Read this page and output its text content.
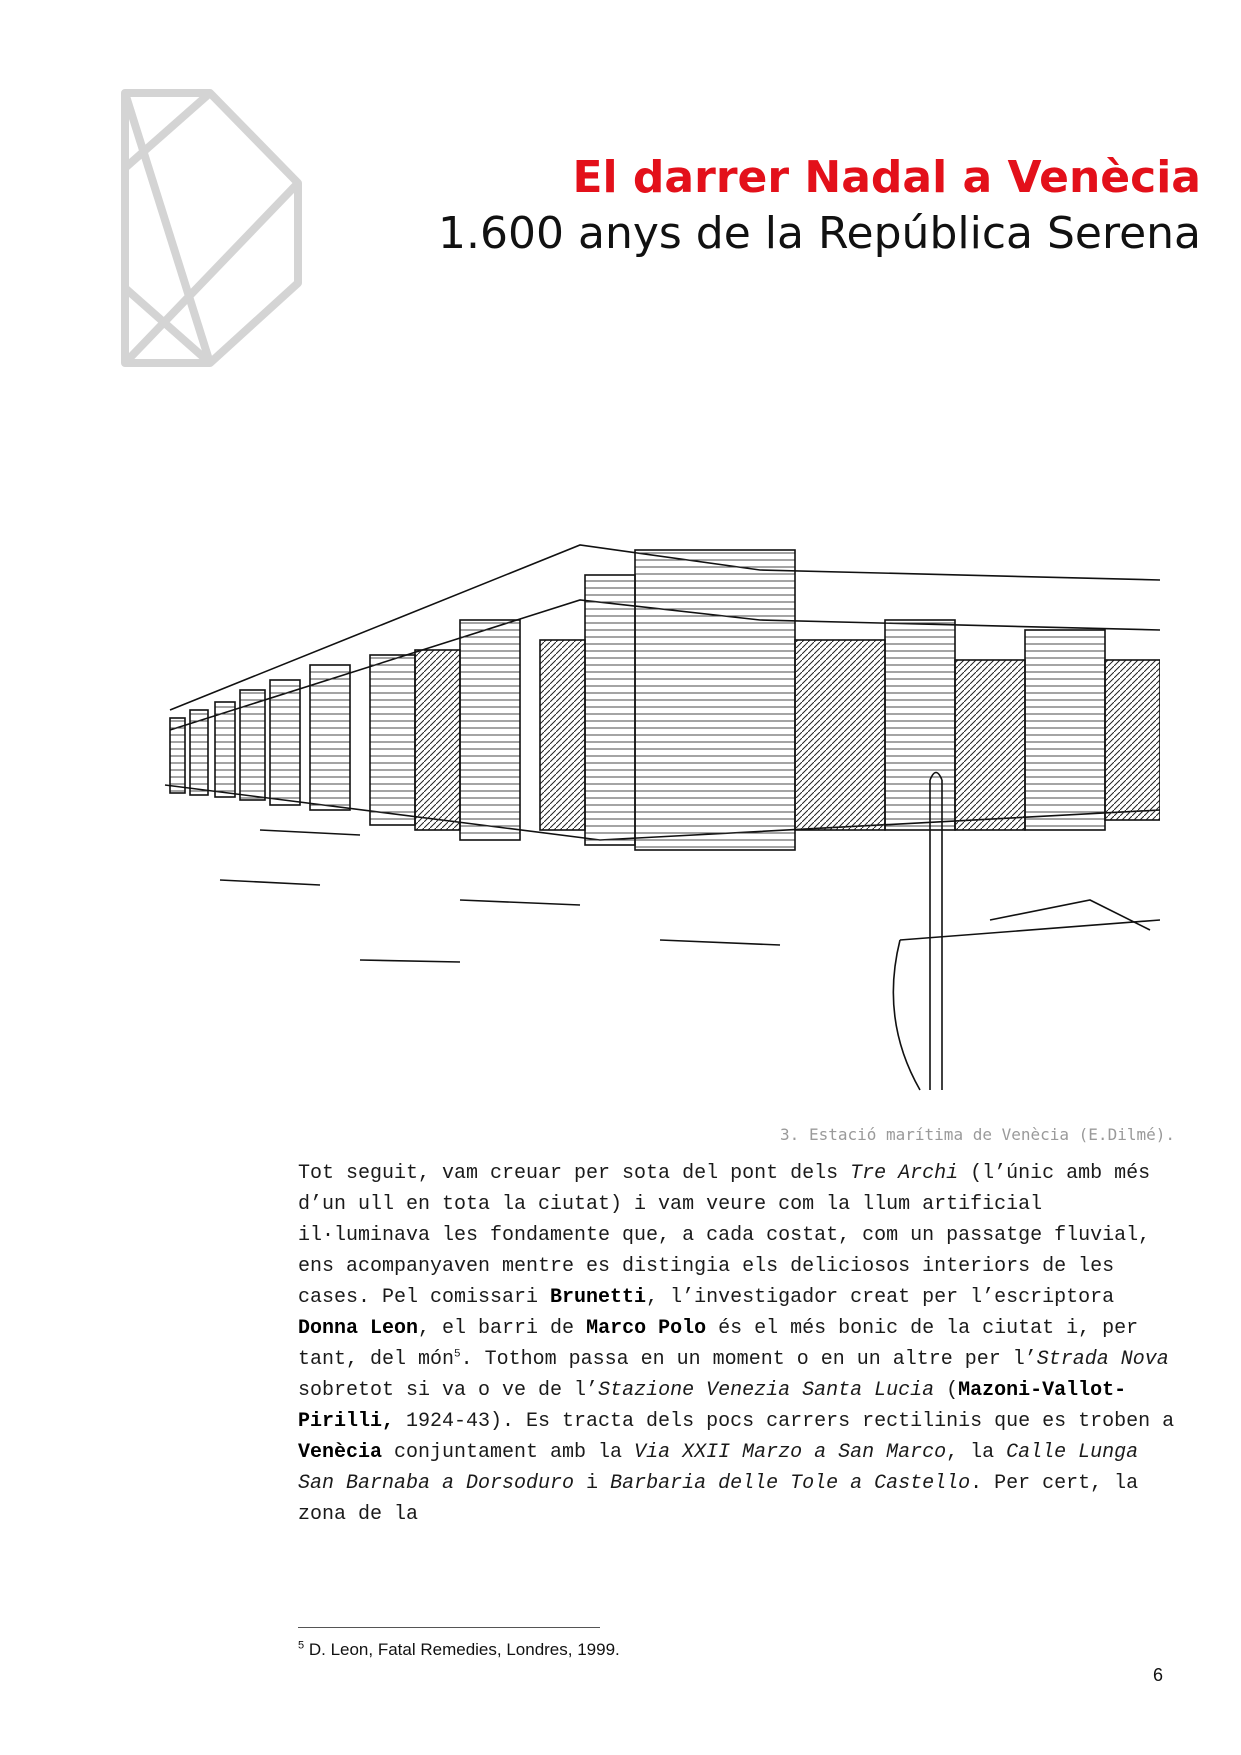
El darrer Nadal a Venècia
1.600 anys de la República Serena
3. Estació marítima de Venècia (E.Dilmé).

Tot seguit, vam creuar per sota del pont dels Tre Archi (l’únic amb més d’un ull en tota la ciutat) i vam veure com la llum artificial il·luminava les fondamente que, a cada costat, com un passatge fluvial, ens acompanyaven mentre es distingia els deliciosos interiors de les cases. Pel comissari Brunetti, l’investigador creat per l’escriptora Donna Leon, el barri de Marco Polo és el més bonic de la ciutat i, per tant, del món$^5$. Tothom passa en un moment o en un altre per l’Strada Nova sobretot si va o ve de l’Stazione Venezia Santa Lucia (Mazoni-Vallot-Pirilli, 1924-43). Es tracta dels pocs carrers rectilinis que es troben a Venècia conjuntament amb la Via XXII Marzo a San Marco, la Calle Lunga San Barnaba a Dorsoduro i Barbaria delle Tole a Castello. Per cert, la zona de la

$^5$ D. Leon, Fatal Remedies, Londres, 1999.
6
